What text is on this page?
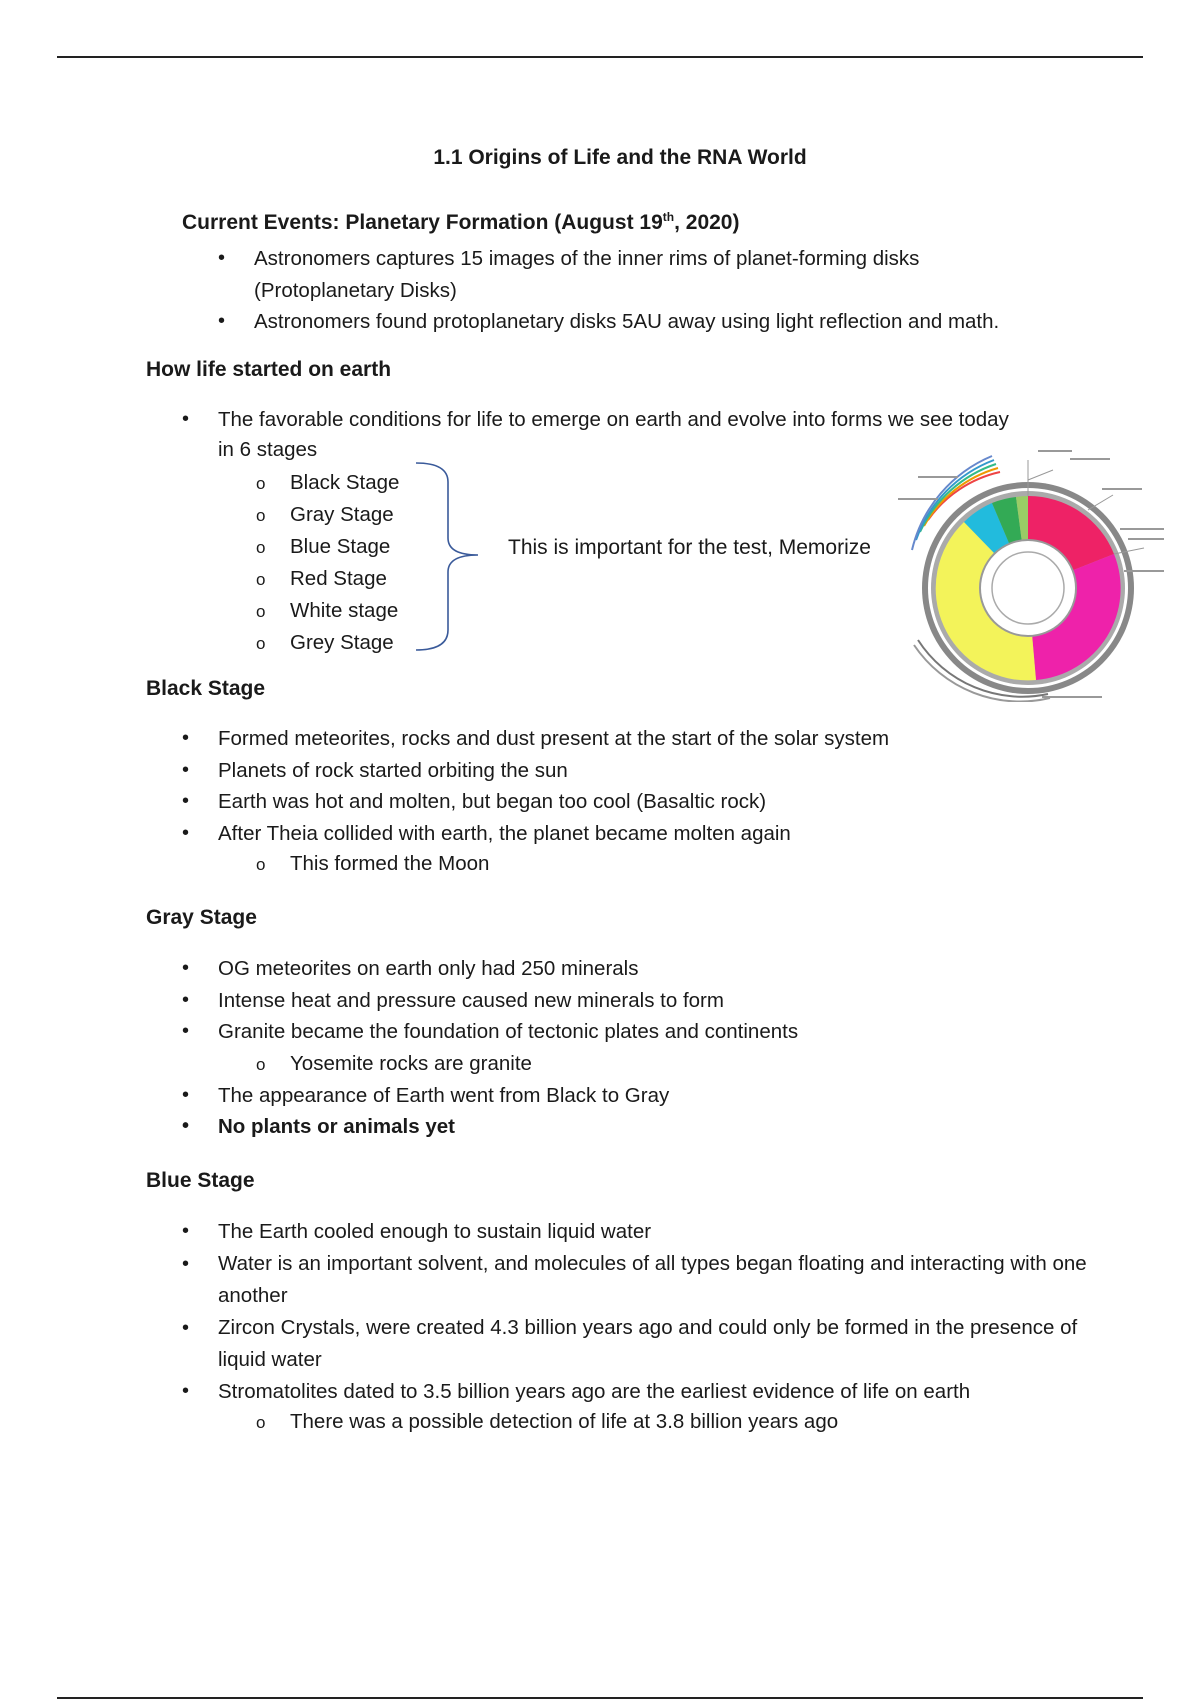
1.1 Origins of Life and the RNA World
Current Events: Planetary Formation (August 19th, 2020)
• Astronomers captures 15 images of the inner rims of planet-forming disks (Protoplanetary Disks)
• Astronomers found protoplanetary disks 5AU away using light reflection and math.
How life started on earth
• The favorable conditions for life to emerge on earth and evolve into forms we see today
in 6 stages
o Black Stage
o Gray Stage
o Blue Stage
o Red Stage
o White stage
o Grey Stage
This is important for the test, Memorize
Black Stage
• Formed meteorites, rocks and dust present at the start of the solar system
• Planets of rock started orbiting the sun
• Earth was hot and molten, but began too cool (Basaltic rock)
• After Theia collided with earth, the planet became molten again
o This formed the Moon
Gray Stage
• OG meteorites on earth only had 250 minerals
• Intense heat and pressure caused new minerals to form
• Granite became the foundation of tectonic plates and continents
o Yosemite rocks are granite
• The appearance of Earth went from Black to Gray
• No plants or animals yet
Blue Stage
• The Earth cooled enough to sustain liquid water
• Water is an important solvent, and molecules of all types began floating and interacting with one another
• Zircon Crystals, were created 4.3 billion years ago and could only be formed in the presence of liquid water
• Stromatolites dated to 3.5 billion years ago are the earliest evidence of life on earth
o There was a possible detection of life at 3.8 billion years ago
